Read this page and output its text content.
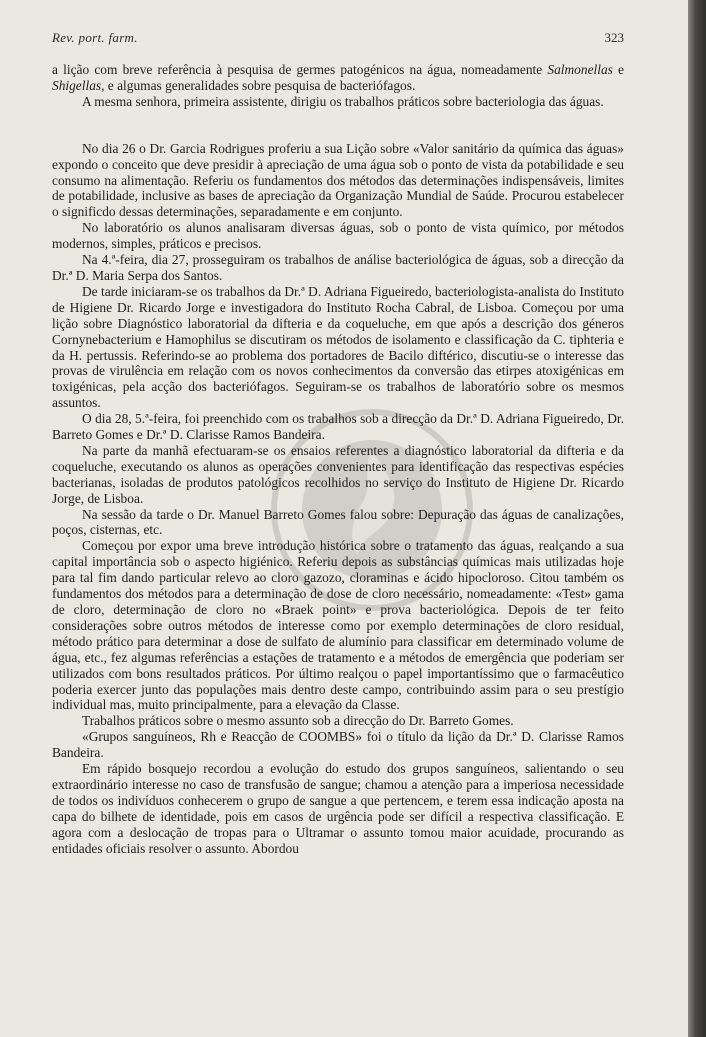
Rev. port. farm.	323

a lição com breve referência à pesquisa de germes patogénicos na água, nomeadamente Salmonellas e Shigellas, e algumas generalidades sobre pesquisa de bacteriófagos.

A mesma senhora, primeira assistente, dirigiu os trabalhos práticos sobre bacteriologia das águas.

No dia 26 o Dr. Garcia Rodrigues proferiu a sua Lição sobre «Valor sanitário da química das águas» expondo o conceito que deve presidir à apreciação de uma água sob o ponto de vista da potabilidade e seu consumo na alimentação. Referiu os fundamentos dos métodos das determinações indispensáveis, limites de potabilidade, inclusive as bases de apreciação da Organização Mundial de Saúde. Procurou estabelecer o significdo dessas determinações, separadamente e em conjunto.

No laboratório os alunos analisaram diversas águas, sob o ponto de vista químico, por métodos modernos, simples, práticos e precisos.

Na 4.ª-feira, dia 27, prosseguiram os trabalhos de análise bacteriológica de águas, sob a direcção da Dr.ª D. Maria Serpa dos Santos.

De tarde iniciaram-se os trabalhos da Dr.ª D. Adriana Figueiredo, bacteriologista-analista do Instituto de Higiene Dr. Ricardo Jorge e investigadora do Instituto Rocha Cabral, de Lisboa. Começou por uma lição sobre Diagnóstico laboratorial da difteria e da coqueluche, em que após a descrição dos géneros Cornynebacterium e Hamophilus se discutiram os métodos de isolamento e classificação da C. tiphteria e da H. pertussis. Referindo-se ao problema dos portadores de Bacilo diftérico, discutiu-se o interesse das provas de virulência em relação com os novos conhecimentos da conversão das etirpes atoxigénicas em toxigénicas, pela acção dos bacteriófagos. Seguiram-se os trabalhos de laboratório sobre os mesmos assuntos.

O dia 28, 5.ª-feira, foi preenchido com os trabalhos sob a direcção da Dr.ª D. Adriana Figueiredo, Dr. Barreto Gomes e Dr.ª D. Clarisse Ramos Bandeira.

Na parte da manhã efectuaram-se os ensaios referentes a diagnóstico laboratorial da difteria e da coqueluche, executando os alunos as operações convenientes para identificação das respectivas espécies bacterianas, isoladas de produtos patológicos recolhidos no serviço do Instituto de Higiene Dr. Ricardo Jorge, de Lisboa.

Na sessão da tarde o Dr. Manuel Barreto Gomes falou sobre: Depuração das águas de canalizações, poços, cisternas, etc.

Começou por expor uma breve introdução histórica sobre o tratamento das águas, realçando a sua capital importância sob o aspecto higiénico. Referiu depois as substâncias químicas mais utilizadas hoje para tal fim dando particular relevo ao cloro gazozo, cloraminas e ácido hipocloroso. Citou também os fundamentos dos métodos para a determinação de dose de cloro necessário, nomeadamente: «Test» gama de cloro, determinação de cloro no «Braek point» e prova bacteriológica. Depois de ter feito considerações sobre outros métodos de interesse como por exemplo determinações de cloro residual, método prático para determinar a dose de sulfato de alumínio para classificar em determinado volume de água, etc., fez algumas referências a estações de tratamento e a métodos de emergência que poderiam ser utilizados com bons resultados práticos. Por último realçou o papel importantíssimo que o farmacêutico poderia exercer junto das populações mais dentro deste campo, contribuindo assim para o seu prestígio individual mas, muito principalmente, para a elevação da Classe.

Trabalhos práticos sobre o mesmo assunto sob a direcção do Dr. Barreto Gomes.

«Grupos sanguíneos, Rh e Reacção de COOMBS» foi o título da lição da Dr.ª D. Clarisse Ramos Bandeira.

Em rápido bosquejo recordou a evolução do estudo dos grupos sanguíneos, salientando o seu extraordinário interesse no caso de transfusão de sangue; chamou a atenção para a imperiosa necessidade de todos os indivíduos conhecerem o grupo de sangue a que pertencem, e terem essa indicação aposta na capa do bilhete de identidade, pois em casos de urgência pode ser difícil a respectiva classificação. E agora com a deslocação de tropas para o Ultramar o assunto tomou maior acuidade, procurando as entidades oficiais resolver o assunto. Abordou
